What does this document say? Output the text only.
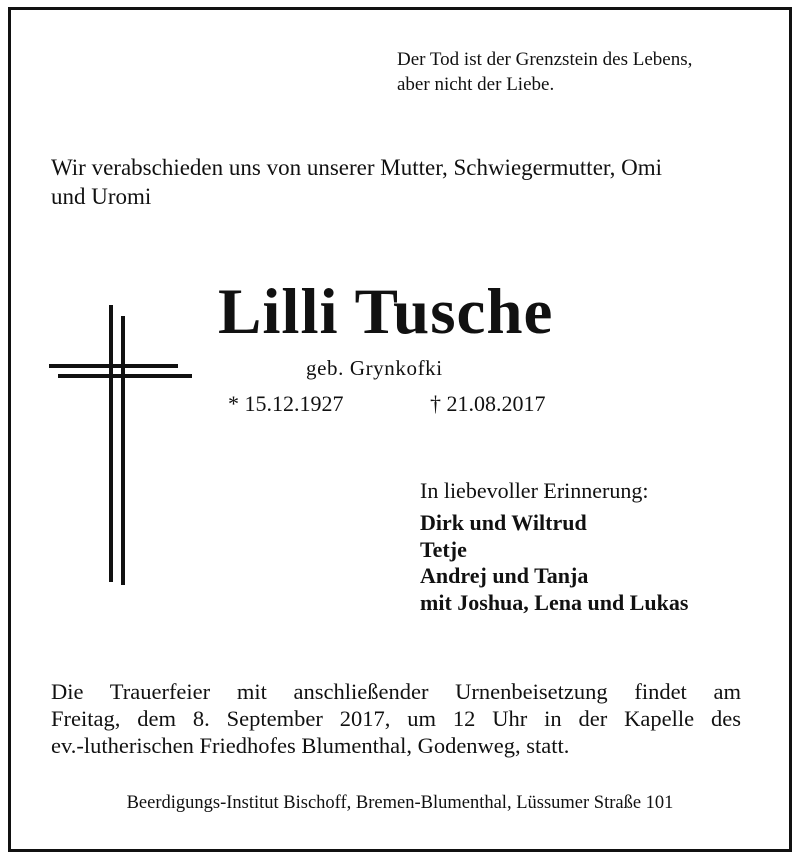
Der Tod ist der Grenzstein des Lebens,
aber nicht der Liebe.
Wir verabschieden uns von unserer Mutter, Schwiegermutter, Omi
und Uromi
Lilli Tusche
geb. Grynkofki
* 15.12.1927	† 21.08.2017
In liebevoller Erinnerung:
Dirk und Wiltrud
Tetje
Andrej und Tanja
mit Joshua, Lena und Lukas
Die Trauerfeier mit anschließender Urnenbeisetzung findet am
Freitag, dem 8. September 2017, um 12 Uhr in der Kapelle des
ev.-lutherischen Friedhofes Blumenthal, Godenweg, statt.
Beerdigungs-Institut Bischoff, Bremen-Blumenthal, Lüssumer Straße 101
